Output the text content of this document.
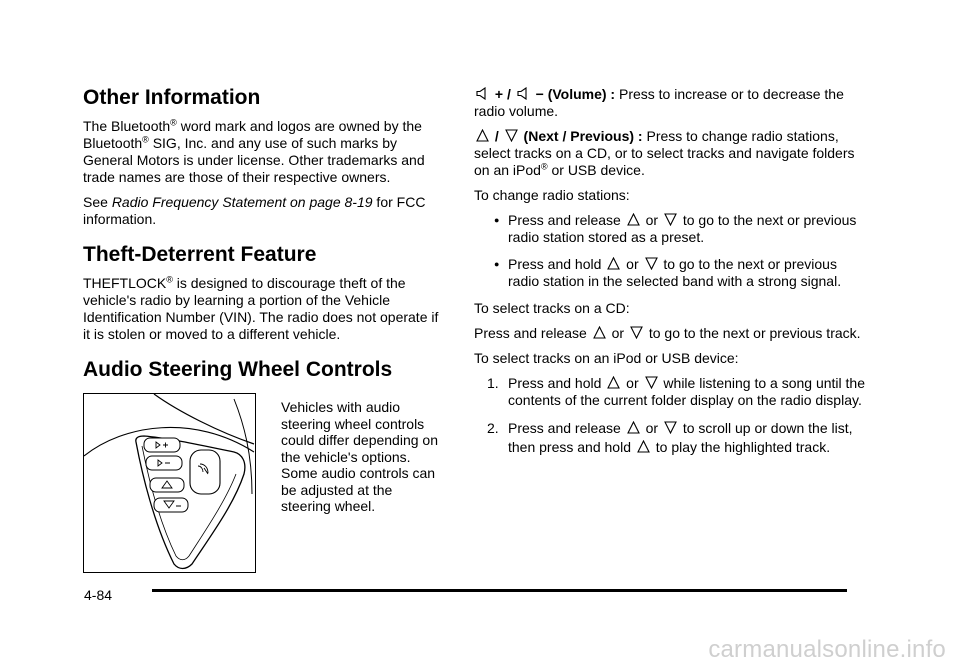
Other Information

The Bluetooth® word mark and logos are owned by the Bluetooth® SIG, Inc. and any use of such marks by General Motors is under license. Other trademarks and trade names are those of their respective owners.

See Radio Frequency Statement on page 8-19 for FCC information.

Theft-Deterrent Feature

THEFTLOCK® is designed to discourage theft of the vehicle's radio by learning a portion of the Vehicle Identification Number (VIN). The radio does not operate if it is stolen or moved to a different vehicle.

Audio Steering Wheel Controls
Vehicles with audio steering wheel controls could differ depending on the vehicle's options. Some audio controls can be adjusted at the steering wheel.

+ /
− (Volume) : Press to increase or to decrease the radio volume.

/
(Next / Previous) : Press to change radio stations, select tracks on a CD, or to select tracks and navigate folders on an iPod® or USB device.

To change radio stations:

● Press and release
or
to go to the next or previous radio station stored as a preset.
● Press and hold
or
to go to the next or previous radio station in the selected band with a strong signal.

To select tracks on a CD:

Press and release
or
to go to the next or previous track.

To select tracks on an iPod or USB device:

1. Press and hold
or
while listening to a song until the contents of the current folder display on the radio display.
2. Press and release
or
to scroll up or down the list, then press and hold
to play the highlighted track.
4-84
carmanualsonline.info
